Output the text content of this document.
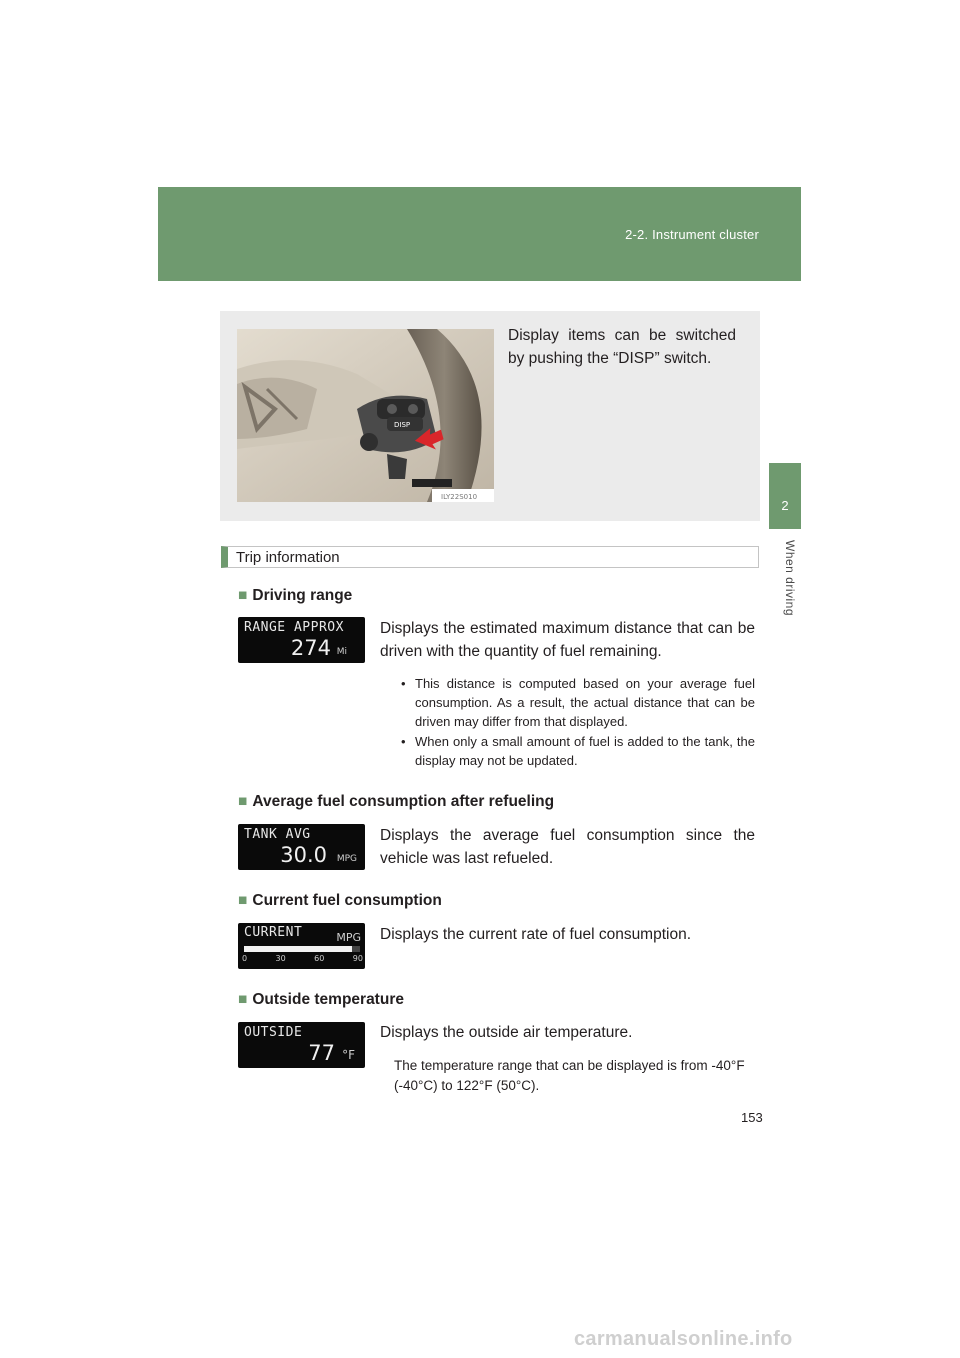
2-2. Instrument cluster
2
When driving
DISP
ILY22S010
Display items can be switched by pushing the “DISP” switch.
Trip information
■ Driving range
RANGE APPROX
274 Mi
Displays the estimated maximum distance that can be driven with the quantity of fuel remaining.
• This distance is computed based on your average fuel consumption. As a result, the actual distance that can be driven may differ from that displayed.
• When only a small amount of fuel is added to the tank, the display may not be updated.
■ Average fuel consumption after refueling
TANK AVG
30.0 MPG
Displays the average fuel consumption since the vehicle was last refueled.
■ Current fuel consumption
CURRENT	MPG
0	30	60	90
Displays the current rate of fuel consumption.
■ Outside temperature
OUTSIDE
77 °F
Displays the outside air temperature.
The temperature range that can be displayed is from -40°F (-40°C) to 122°F (50°C).
153
carmanualsonline.info
